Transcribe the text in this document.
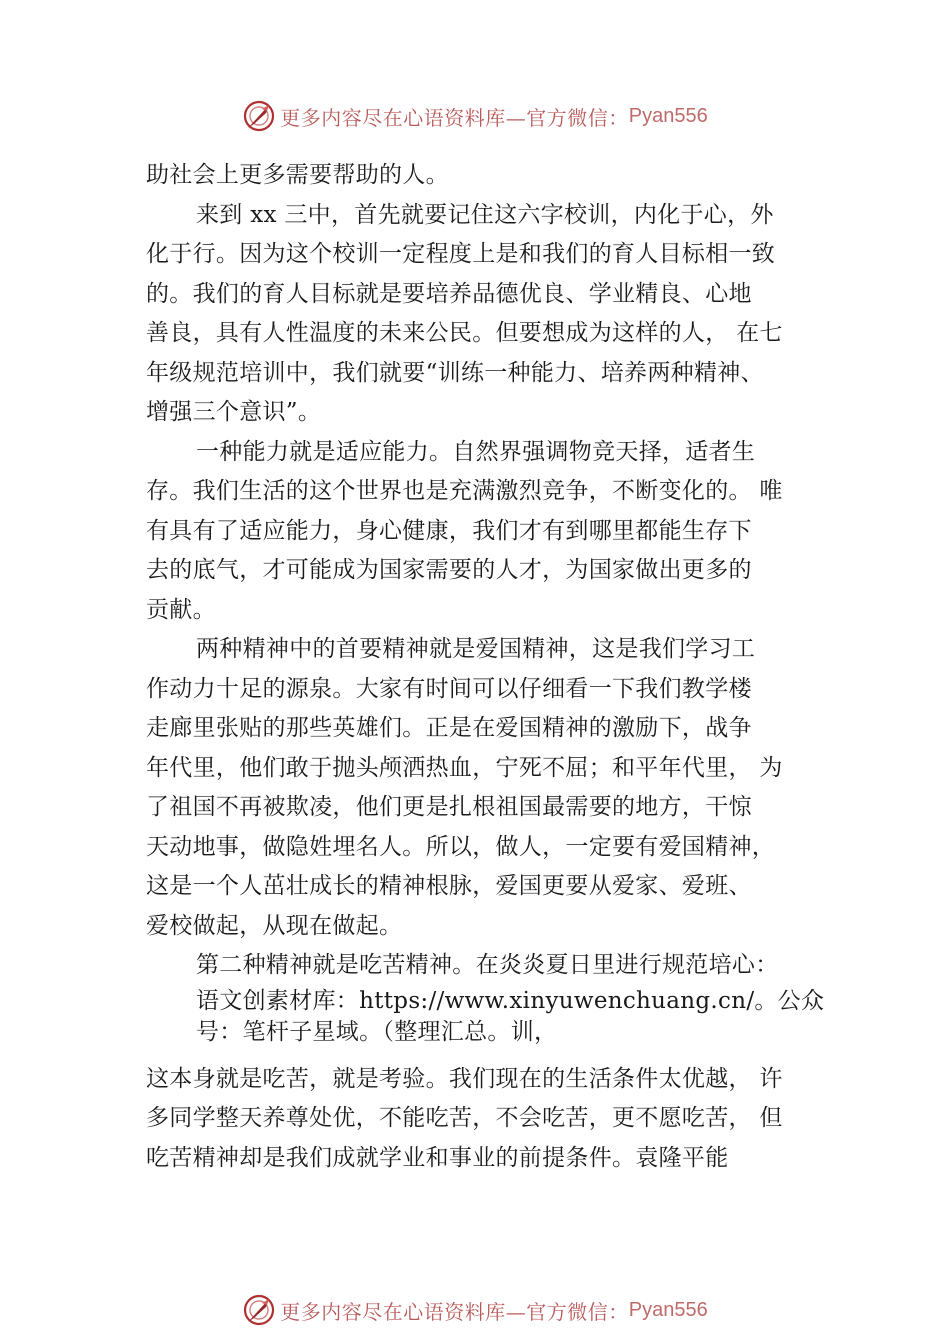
更多内容尽在心语资料库—官方微信： Pyan556
助社会上更多需要帮助的人。
来到 xx 三中，首先就要记住这六字校训，内化于心，外
化于行。因为这个校训一定程度上是和我们的育人目标相一致
的。我们的育人目标就是要培养品德优良、学业精良、心地
善良，具有人性温度的未来公民。但要想成为这样的人， 在七
年级规范培训中，我们就要“训练一种能力、培养两种精神、
增强三个意识”。
一种能力就是适应能力。自然界强调物竞天择，适者生
存。我们生活的这个世界也是充满激烈竞争，不断变化的。 唯
有具有了适应能力，身心健康，我们才有到哪里都能生存下
去的底气，才可能成为国家需要的人才，为国家做出更多的
贡献。
两种精神中的首要精神就是爱国精神，这是我们学习工
作动力十足的源泉。大家有时间可以仔细看一下我们教学楼
走廊里张贴的那些英雄们。正是在爱国精神的激励下，战争
年代里，他们敢于抛头颅洒热血，宁死不屈；和平年代里， 为
了祖国不再被欺凌，他们更是扎根祖国最需要的地方，干惊
天动地事，做隐姓埋名人。所以，做人，一定要有爱国精神，
这是一个人茁壮成长的精神根脉，爱国更要从爱家、爱班、
爱校做起，从现在做起。
第二种精神就是吃苦精神。在炎炎夏日里进行规范培心：
语文创素材库：https://www.xinyuwenchuang.cn/。公众
号：笔杆子星域。（整理汇总。训，
这本身就是吃苦，就是考验。我们现在的生活条件太优越， 许
多同学整天养尊处优，不能吃苦，不会吃苦，更不愿吃苦， 但
吃苦精神却是我们成就学业和事业的前提条件。袁隆平能
更多内容尽在心语资料库—官方微信： Pyan556
